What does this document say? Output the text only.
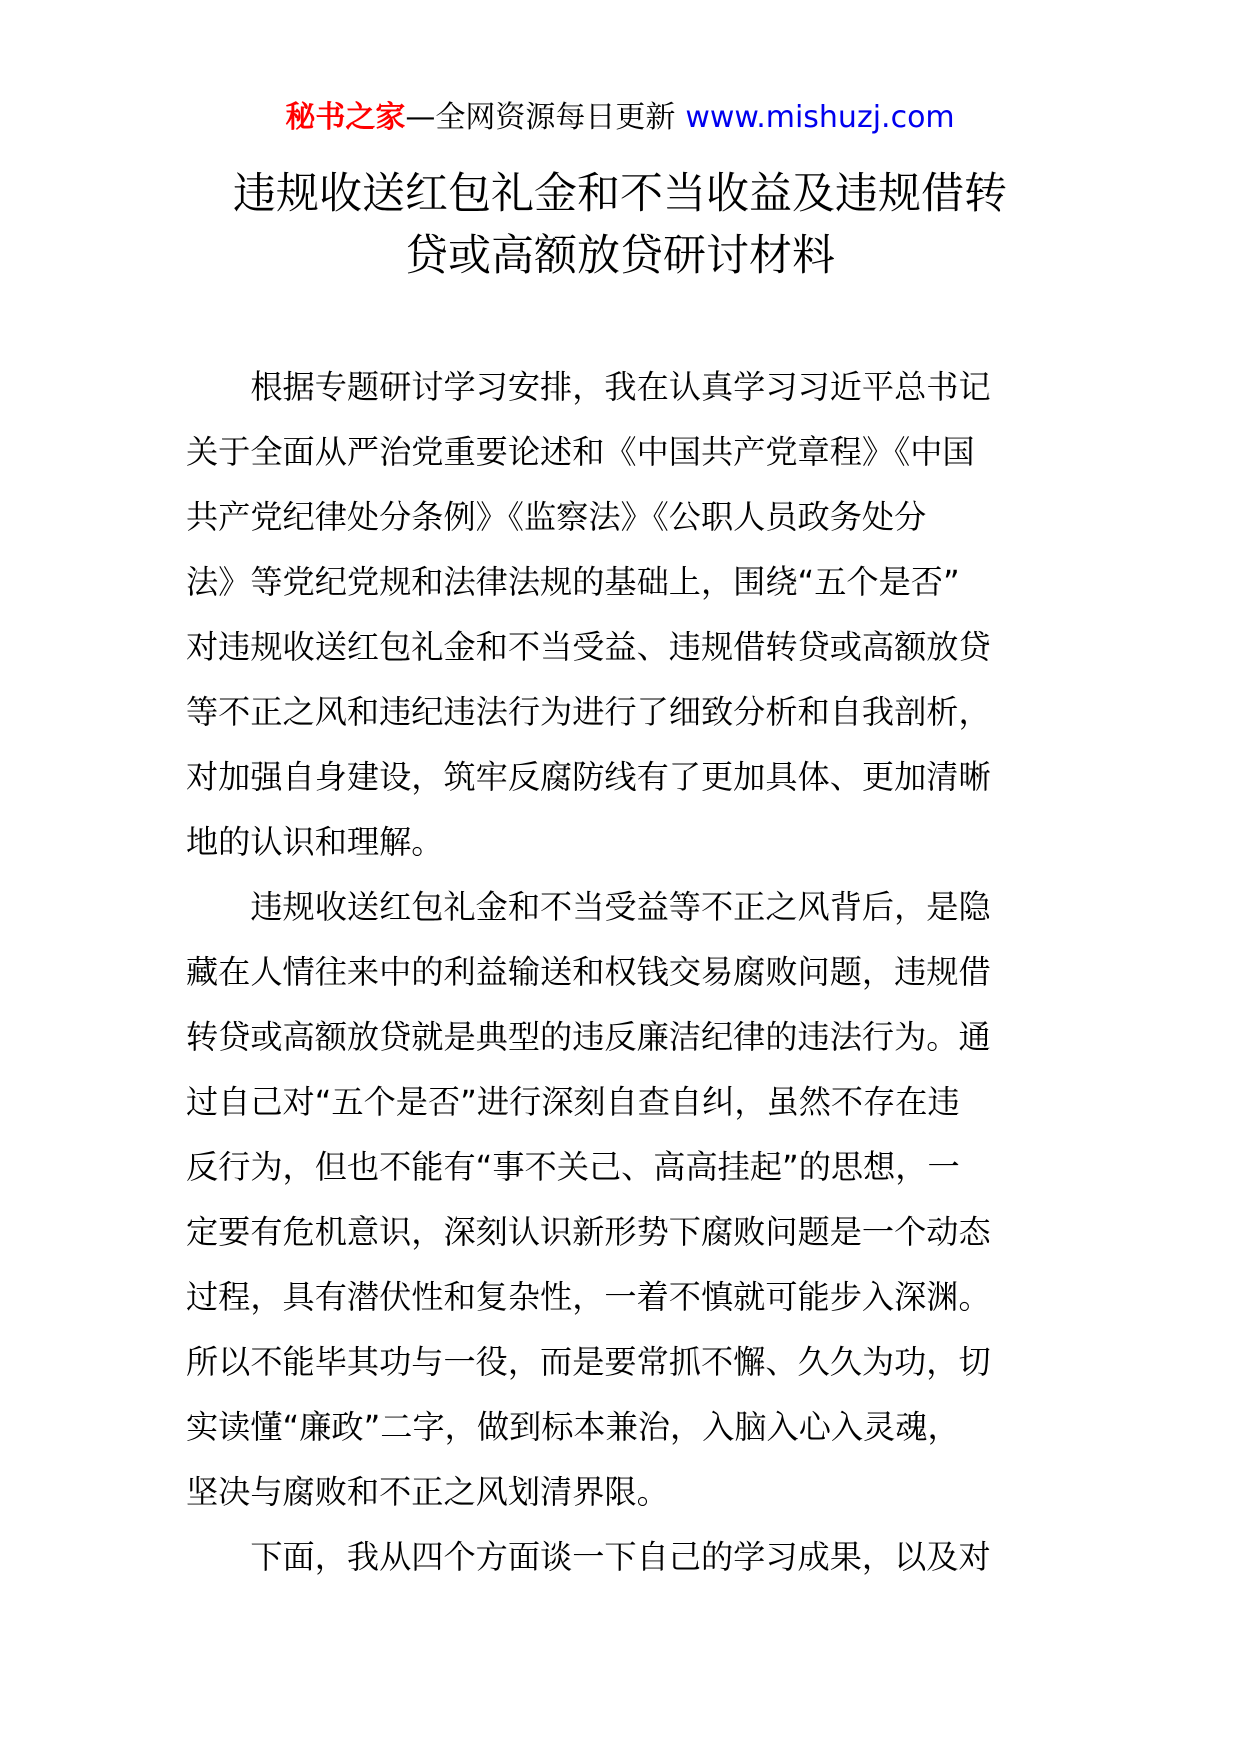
秘书之家—全网资源每日更新 www.mishuzj.com
违规收送红包礼金和不当收益及违规借转
贷或高额放贷研讨材料
　　根据专题研讨学习安排，我在认真学习习近平总书记
关于全面从严治党重要论述和《中国共产党章程》《中国
共产党纪律处分条例》《监察法》《公职人员政务处分
法》等党纪党规和法律法规的基础上，围绕“五个是否”
对违规收送红包礼金和不当受益、违规借转贷或高额放贷
等不正之风和违纪违法行为进行了细致分析和自我剖析，
对加强自身建设，筑牢反腐防线有了更加具体、更加清晰
地的认识和理解。
　　违规收送红包礼金和不当受益等不正之风背后，是隐
藏在人情往来中的利益输送和权钱交易腐败问题，违规借
转贷或高额放贷就是典型的违反廉洁纪律的违法行为。通
过自己对“五个是否”进行深刻自查自纠，虽然不存在违
反行为，但也不能有“事不关己、高高挂起”的思想，一
定要有危机意识，深刻认识新形势下腐败问题是一个动态
过程，具有潜伏性和复杂性，一着不慎就可能步入深渊。
所以不能毕其功与一役，而是要常抓不懈、久久为功，切
实读懂“廉政”二字，做到标本兼治，入脑入心入灵魂，
坚决与腐败和不正之风划清界限。
　　下面，我从四个方面谈一下自己的学习成果，以及对
